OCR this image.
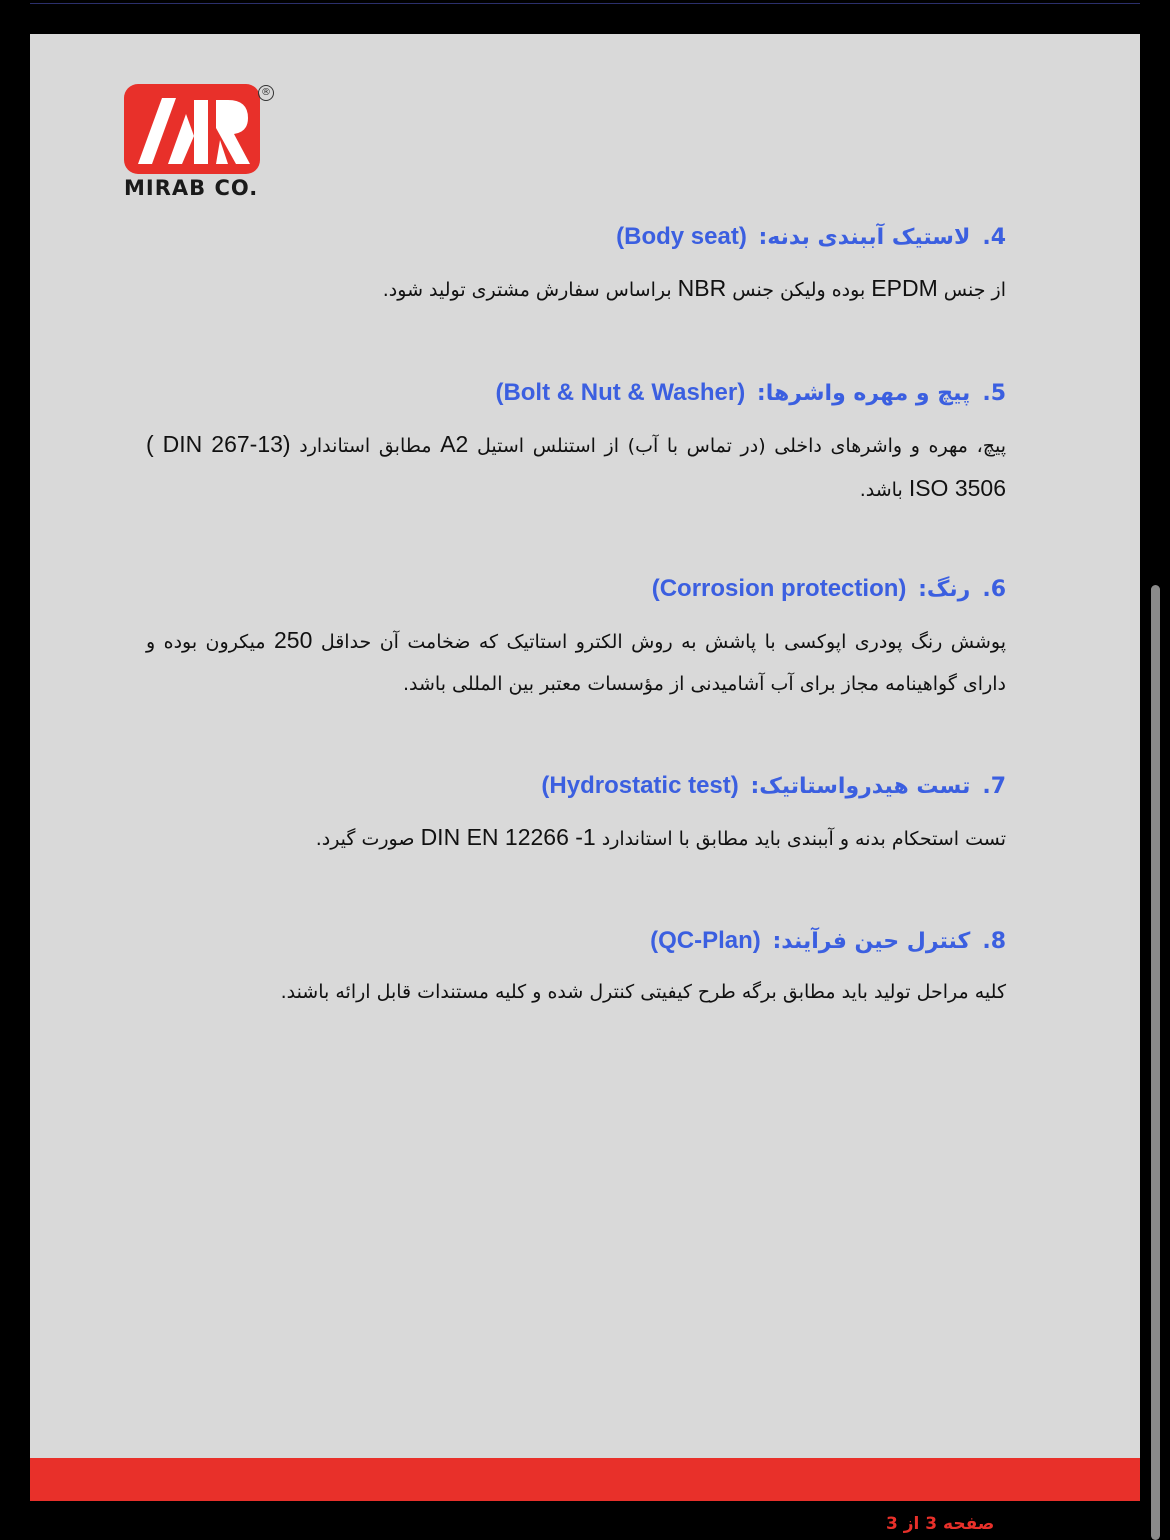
®
MIRAB CO.
4.لاستیک آببندی بدنه: (Body seat)
از جنس EPDM بوده ولیکن جنس NBR براساس سفارش مشتری تولید شود.
5.پیچ و مهره واشرها: (Bolt & Nut & Washer)
پیچ، مهره و واشرهای داخلی (در تماس با آب) از استنلس استیل A2 مطابق استاندارد (DIN 267-13 ) ISO 3506 باشد.
6.رنگ: (Corrosion protection)
پوشش رنگ پودری اپوکسی با پاشش به روش الکترو استاتیک که ضخامت آن حداقل 250 میکرون بوده و دارای گواهینامه مجاز برای آب آشامیدنی از مؤسسات معتبر بین المللی باشد.
7.تست هیدرواستاتیک: (Hydrostatic test)
تست استحکام بدنه و آببندی باید مطابق با استاندارد DIN EN 12266 -1 صورت گیرد.
8.کنترل حین فرآیند: (QC-Plan)
کلیه مراحل تولید باید مطابق برگه طرح کیفیتی کنترل شده و کلیه مستندات قابل ارائه باشند.
صفحه 3 از 3
